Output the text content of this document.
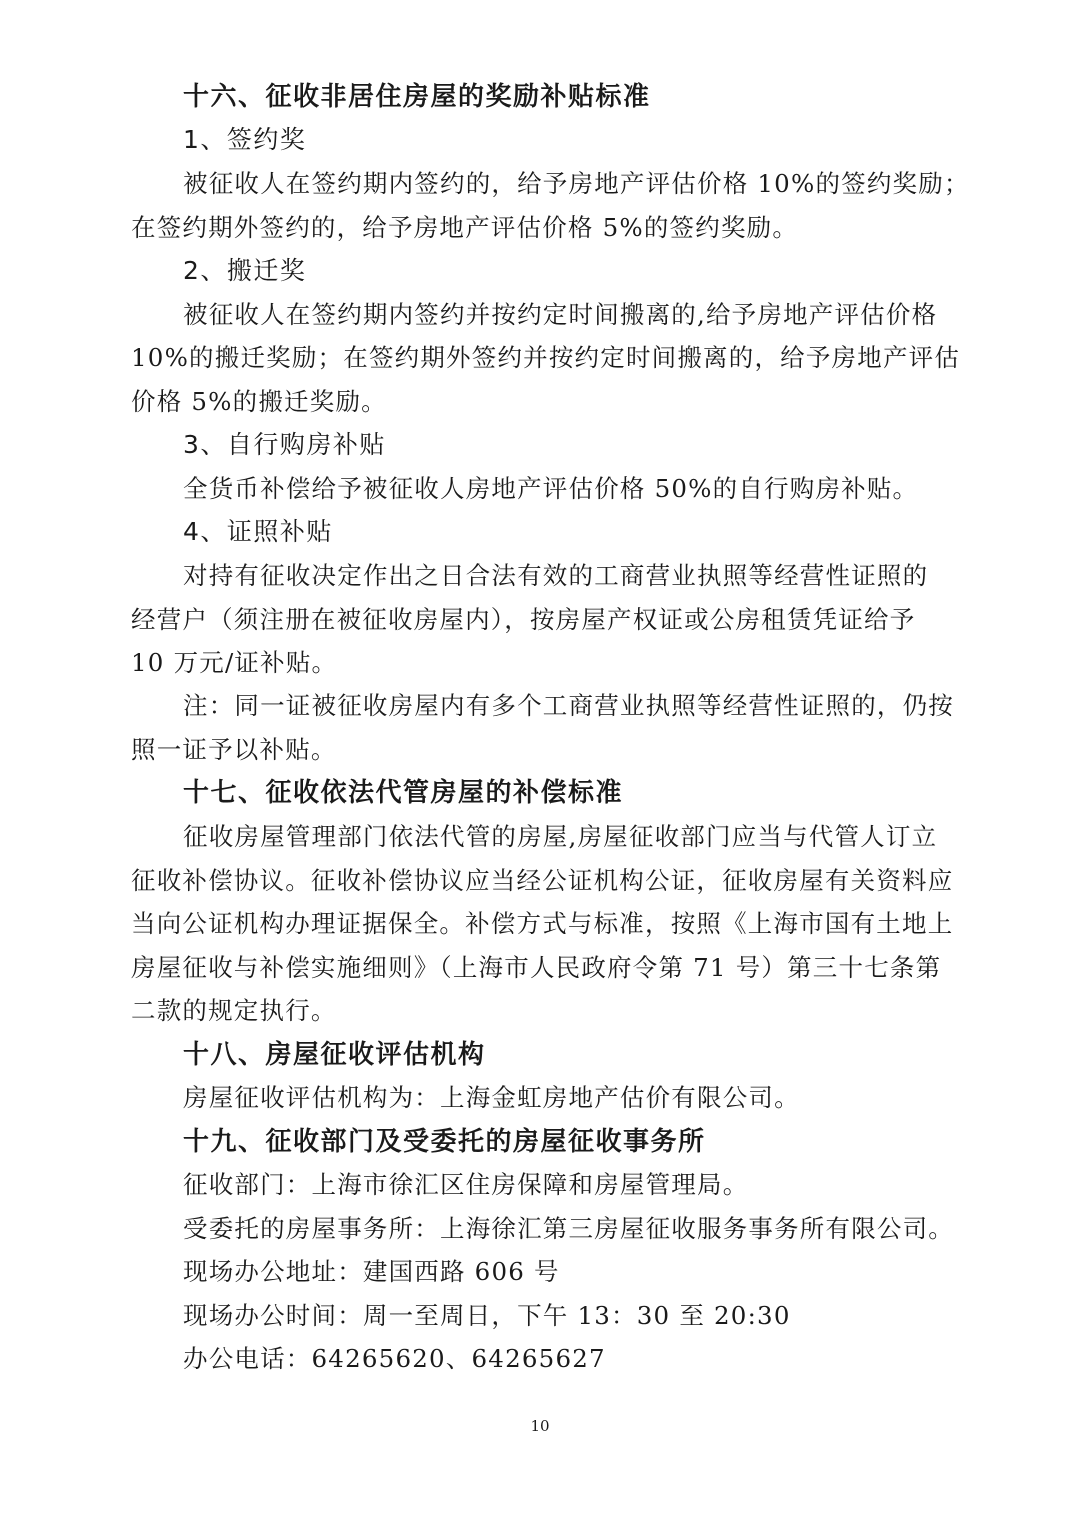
十六、征收非居住房屋的奖励补贴标准
1、签约奖
被征收人在签约期内签约的，给予房地产评估价格 10%的签约奖励；
在签约期外签约的，给予房地产评估价格 5%的签约奖励。
2、搬迁奖
被征收人在签约期内签约并按约定时间搬离的,给予房地产评估价格
10%的搬迁奖励；在签约期外签约并按约定时间搬离的，给予房地产评估
价格 5%的搬迁奖励。
3、自行购房补贴
全货币补偿给予被征收人房地产评估价格 50%的自行购房补贴。
4、证照补贴
对持有征收决定作出之日合法有效的工商营业执照等经营性证照的
经营户（须注册在被征收房屋内），按房屋产权证或公房租赁凭证给予
10 万元/证补贴。
注：同一证被征收房屋内有多个工商营业执照等经营性证照的，仍按
照一证予以补贴。
十七、征收依法代管房屋的补偿标准
征收房屋管理部门依法代管的房屋,房屋征收部门应当与代管人订立
征收补偿协议。征收补偿协议应当经公证机构公证，征收房屋有关资料应
当向公证机构办理证据保全。补偿方式与标准，按照《上海市国有土地上
房屋征收与补偿实施细则》（上海市人民政府令第 71 号）第三十七条第
二款的规定执行。
十八、房屋征收评估机构
房屋征收评估机构为：上海金虹房地产估价有限公司。
十九、征收部门及受委托的房屋征收事务所
征收部门：上海市徐汇区住房保障和房屋管理局。
受委托的房屋事务所：上海徐汇第三房屋征收服务事务所有限公司。
现场办公地址：建国西路 606 号
现场办公时间：周一至周日，下午 13：30 至 20:30
办公电话：64265620、64265627
10
